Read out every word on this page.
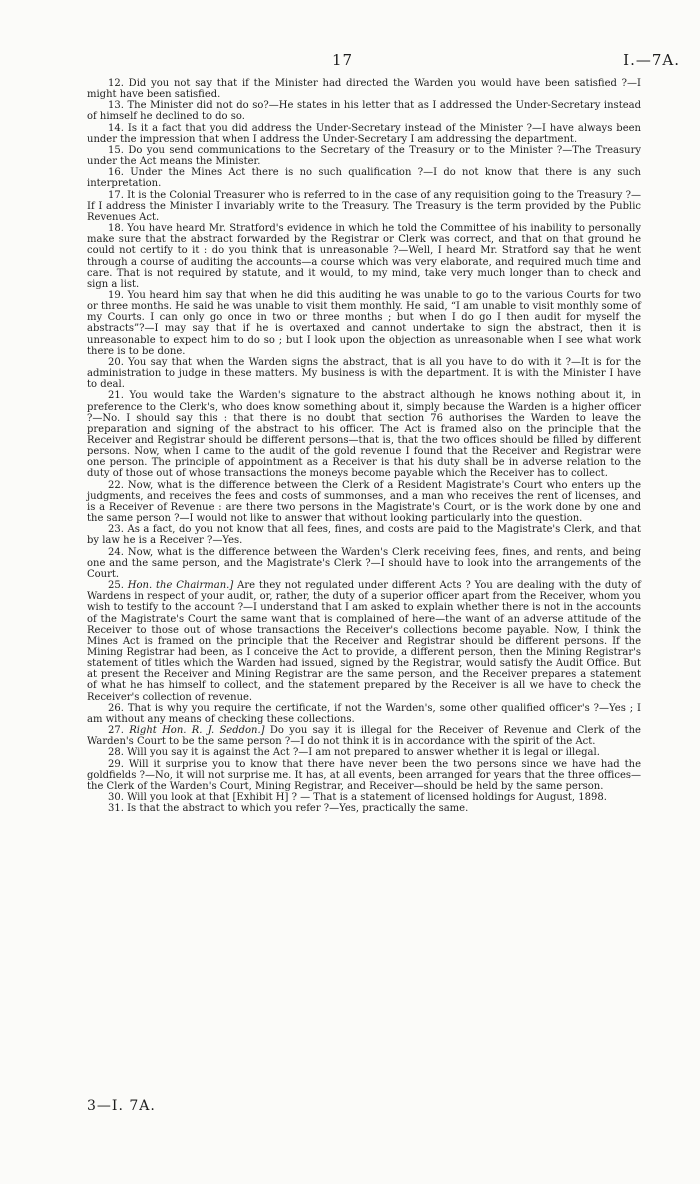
17	I.—7A.

12. Did you not say that if the Minister had directed the Warden you would have been satisfied ?—I might have been satisfied.

13. The Minister did not do so?—He states in his letter that as I addressed the Under-Secretary instead of himself he declined to do so.

14. Is it a fact that you did address the Under-Secretary instead of the Minister ?—I have always been under the impression that when I address the Under-Secretary I am addressing the department.

15. Do you send communications to the Secretary of the Treasury or to the Minister ?—The Treasury under the Act means the Minister.

16. Under the Mines Act there is no such qualification ?—I do not know that there is any such interpretation.

17. It is the Colonial Treasurer who is referred to in the case of any requisition going to the Treasury ?—If I address the Minister I invariably write to the Treasury. The Treasury is the term provided by the Public Revenues Act.

18. You have heard Mr. Stratford's evidence in which he told the Committee of his inability to personally make sure that the abstract forwarded by the Registrar or Clerk was correct, and that on that ground he could not certify to it : do you think that is unreasonable ?—Well, I heard Mr. Stratford say that he went through a course of auditing the accounts—a course which was very elaborate, and required much time and care. That is not required by statute, and it would, to my mind, take very much longer than to check and sign a list.

19. You heard him say that when he did this auditing he was unable to go to the various Courts for two or three months. He said he was unable to visit them monthly. He said, “I am unable to visit monthly some of my Courts. I can only go once in two or three months ; but when I do go I then audit for myself the abstracts”?—I may say that if he is overtaxed and cannot undertake to sign the abstract, then it is unreasonable to expect him to do so ; but I look upon the objection as unreasonable when I see what work there is to be done.

20. You say that when the Warden signs the abstract, that is all you have to do with it ?—It is for the administration to judge in these matters. My business is with the department. It is with the Minister I have to deal.

21. You would take the Warden's signature to the abstract although he knows nothing about it, in preference to the Clerk's, who does know something about it, simply because the Warden is a higher officer ?—No. I should say this : that there is no doubt that section 76 authorises the Warden to leave the preparation and signing of the abstract to his officer. The Act is framed also on the principle that the Receiver and Registrar should be different persons—that is, that the two offices should be filled by different persons. Now, when I came to the audit of the gold revenue I found that the Receiver and Registrar were one person. The principle of appointment as a Receiver is that his duty shall be in adverse relation to the duty of those out of whose transactions the moneys become payable which the Receiver has to collect.

22. Now, what is the difference between the Clerk of a Resident Magistrate's Court who enters up the judgments, and receives the fees and costs of summonses, and a man who receives the rent of licenses, and is a Receiver of Revenue : are there two persons in the Magistrate's Court, or is the work done by one and the same person ?—I would not like to answer that without looking particularly into the question.

23. As a fact, do you not know that all fees, fines, and costs are paid to the Magistrate's Clerk, and that by law he is a Receiver ?—Yes.

24. Now, what is the difference between the Warden's Clerk receiving fees, fines, and rents, and being one and the same person, and the Magistrate's Clerk ?—I should have to look into the arrangements of the Court.

25. Hon. the Chairman.] Are they not regulated under different Acts ? You are dealing with the duty of Wardens in respect of your audit, or, rather, the duty of a superior officer apart from the Receiver, whom you wish to testify to the account ?—I understand that I am asked to explain whether there is not in the accounts of the Magistrate's Court the same want that is complained of here—the want of an adverse attitude of the Receiver to those out of whose transactions the Receiver's collections become payable. Now, I think the Mines Act is framed on the principle that the Receiver and Registrar should be different persons. If the Mining Registrar had been, as I conceive the Act to provide, a different person, then the Mining Registrar's statement of titles which the Warden had issued, signed by the Registrar, would satisfy the Audit Office. But at present the Receiver and Mining Registrar are the same person, and the Receiver prepares a statement of what he has himself to collect, and the statement prepared by the Receiver is all we have to check the Receiver's collection of revenue.

26. That is why you require the certificate, if not the Warden's, some other qualified officer's ?—Yes ; I am without any means of checking these collections.

27. Right Hon. R. J. Seddon.] Do you say it is illegal for the Receiver of Revenue and Clerk of the Warden's Court to be the same person ?—I do not think it is in accordance with the spirit of the Act.

28. Will you say it is against the Act ?—I am not prepared to answer whether it is legal or illegal.

29. Will it surprise you to know that there have never been the two persons since we have had the goldfields ?—No, it will not surprise me. It has, at all events, been arranged for years that the three offices—the Clerk of the Warden's Court, Mining Registrar, and Receiver—should be held by the same person.

30. Will you look at that [Exhibit H] ? — That is a statement of licensed holdings for August, 1898.

31. Is that the abstract to which you refer ?—Yes, practically the same.

3—I. 7A.
